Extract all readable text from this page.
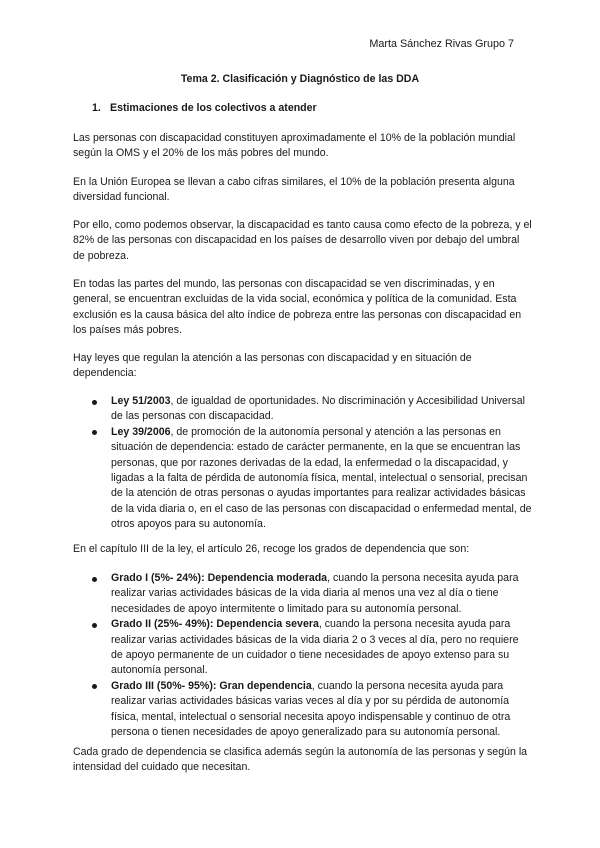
Marta Sánchez Rivas Grupo 7
Tema 2. Clasificación y Diagnóstico de las DDA
1. Estimaciones de los colectivos a atender

Las personas con discapacidad constituyen aproximadamente el 10% de la población mundial según la OMS y el 20% de los más pobres del mundo.

En la Unión Europea se llevan a cabo cifras similares, el 10% de la población presenta alguna diversidad funcional.

Por ello, como podemos observar, la discapacidad es tanto causa como efecto de la pobreza, y el 82% de las personas con discapacidad en los países de desarrollo viven por debajo del umbral de pobreza.

En todas las partes del mundo, las personas con discapacidad se ven discriminadas, y en general, se encuentran excluidas de la vida social, económica y política de la comunidad. Esta exclusión es la causa básica del alto índice de pobreza entre las personas con discapacidad en los países más pobres.

Hay leyes que regulan la atención a las personas con discapacidad y en situación de dependencia:

Ley 51/2003, de igualdad de oportunidades. No discriminación y Accesibilidad Universal de las personas con discapacidad.
Ley 39/2006, de promoción de la autonomía personal y atención a las personas en situación de dependencia: estado de carácter permanente, en la que se encuentran las personas, que por razones derivadas de la edad, la enfermedad o la discapacidad, y ligadas a la falta de pérdida de autonomía física, mental, intelectual o sensorial, precisan de la atención de otras personas o ayudas importantes para realizar actividades básicas de la vida diaria o, en el caso de las personas con discapacidad o enfermedad mental, de otros apoyos para su autonomía.

En el capítulo III de la ley, el artículo 26, recoge los grados de dependencia que son:

Grado I (5%- 24%): Dependencia moderada, cuando la persona necesita ayuda para realizar varias actividades básicas de la vida diaria al menos una vez al día o tiene necesidades de apoyo intermitente o limitado para su autonomía personal.
Grado II (25%- 49%): Dependencia severa, cuando la persona necesita ayuda para realizar varias actividades básicas de la vida diaria 2 o 3 veces al día, pero no requiere de apoyo permanente de un cuidador o tiene necesidades de apoyo extenso para su autonomía personal.
Grado III (50%- 95%): Gran dependencia, cuando la persona necesita ayuda para realizar varias actividades básicas varias veces al día y por su pérdida de autonomía física, mental, intelectual o sensorial necesita apoyo indispensable y continuo de otra persona o tienen necesidades de apoyo generalizado para su autonomía personal.

Cada grado de dependencia se clasifica además según la autonomía de las personas y según la intensidad del cuidado que necesitan.
